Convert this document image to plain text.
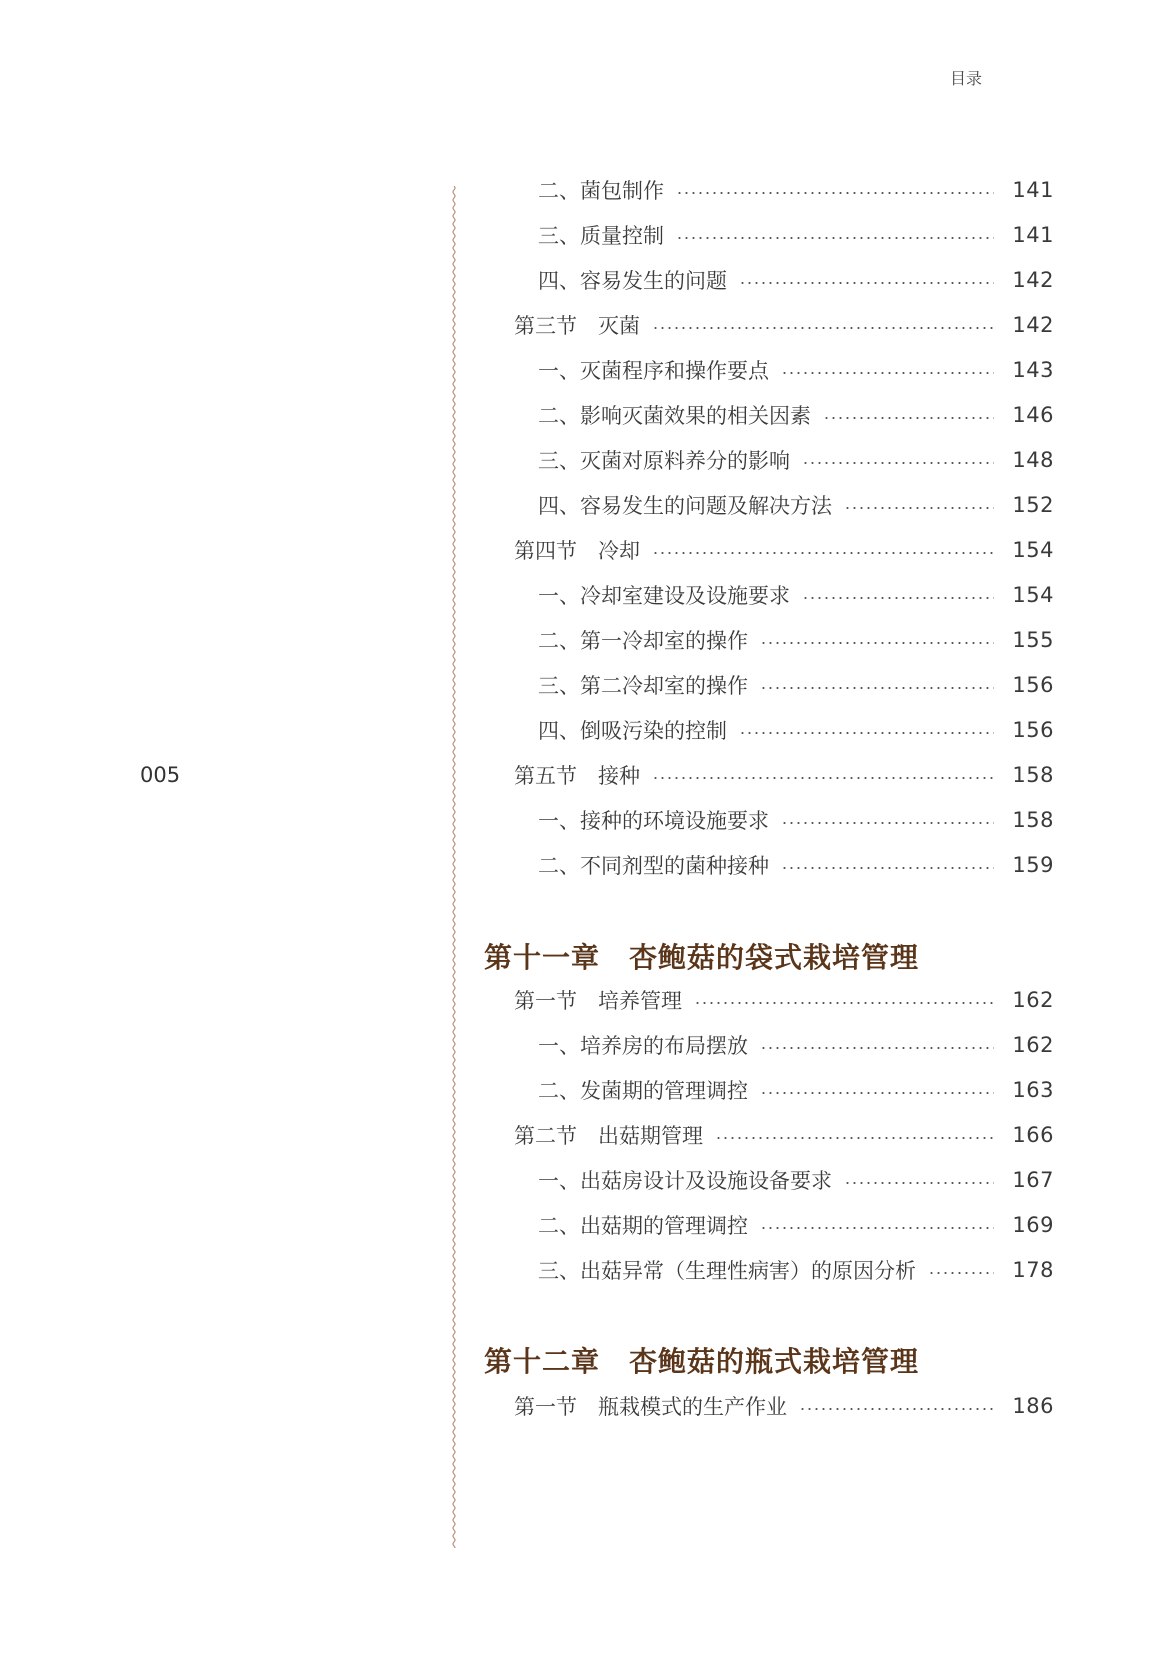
目录
005
二、菌包制作	141
三、质量控制	141
四、容易发生的问题	142
第三节　灭菌	142
一、灭菌程序和操作要点	143
二、影响灭菌效果的相关因素	146
三、灭菌对原料养分的影响	148
四、容易发生的问题及解决方法	152
第四节　冷却	154
一、冷却室建设及设施要求	154
二、第一冷却室的操作	155
三、第二冷却室的操作	156
四、倒吸污染的控制	156
第五节　接种	158
一、接种的环境设施要求	158
二、不同剂型的菌种接种	159
第十一章　杏鲍菇的袋式栽培管理
第一节　培养管理	162
一、培养房的布局摆放	162
二、发菌期的管理调控	163
第二节　出菇期管理	166
一、出菇房设计及设施设备要求	167
二、出菇期的管理调控	169
三、出菇异常（生理性病害）的原因分析	178
第十二章　杏鲍菇的瓶式栽培管理
第一节　瓶栽模式的生产作业	186
